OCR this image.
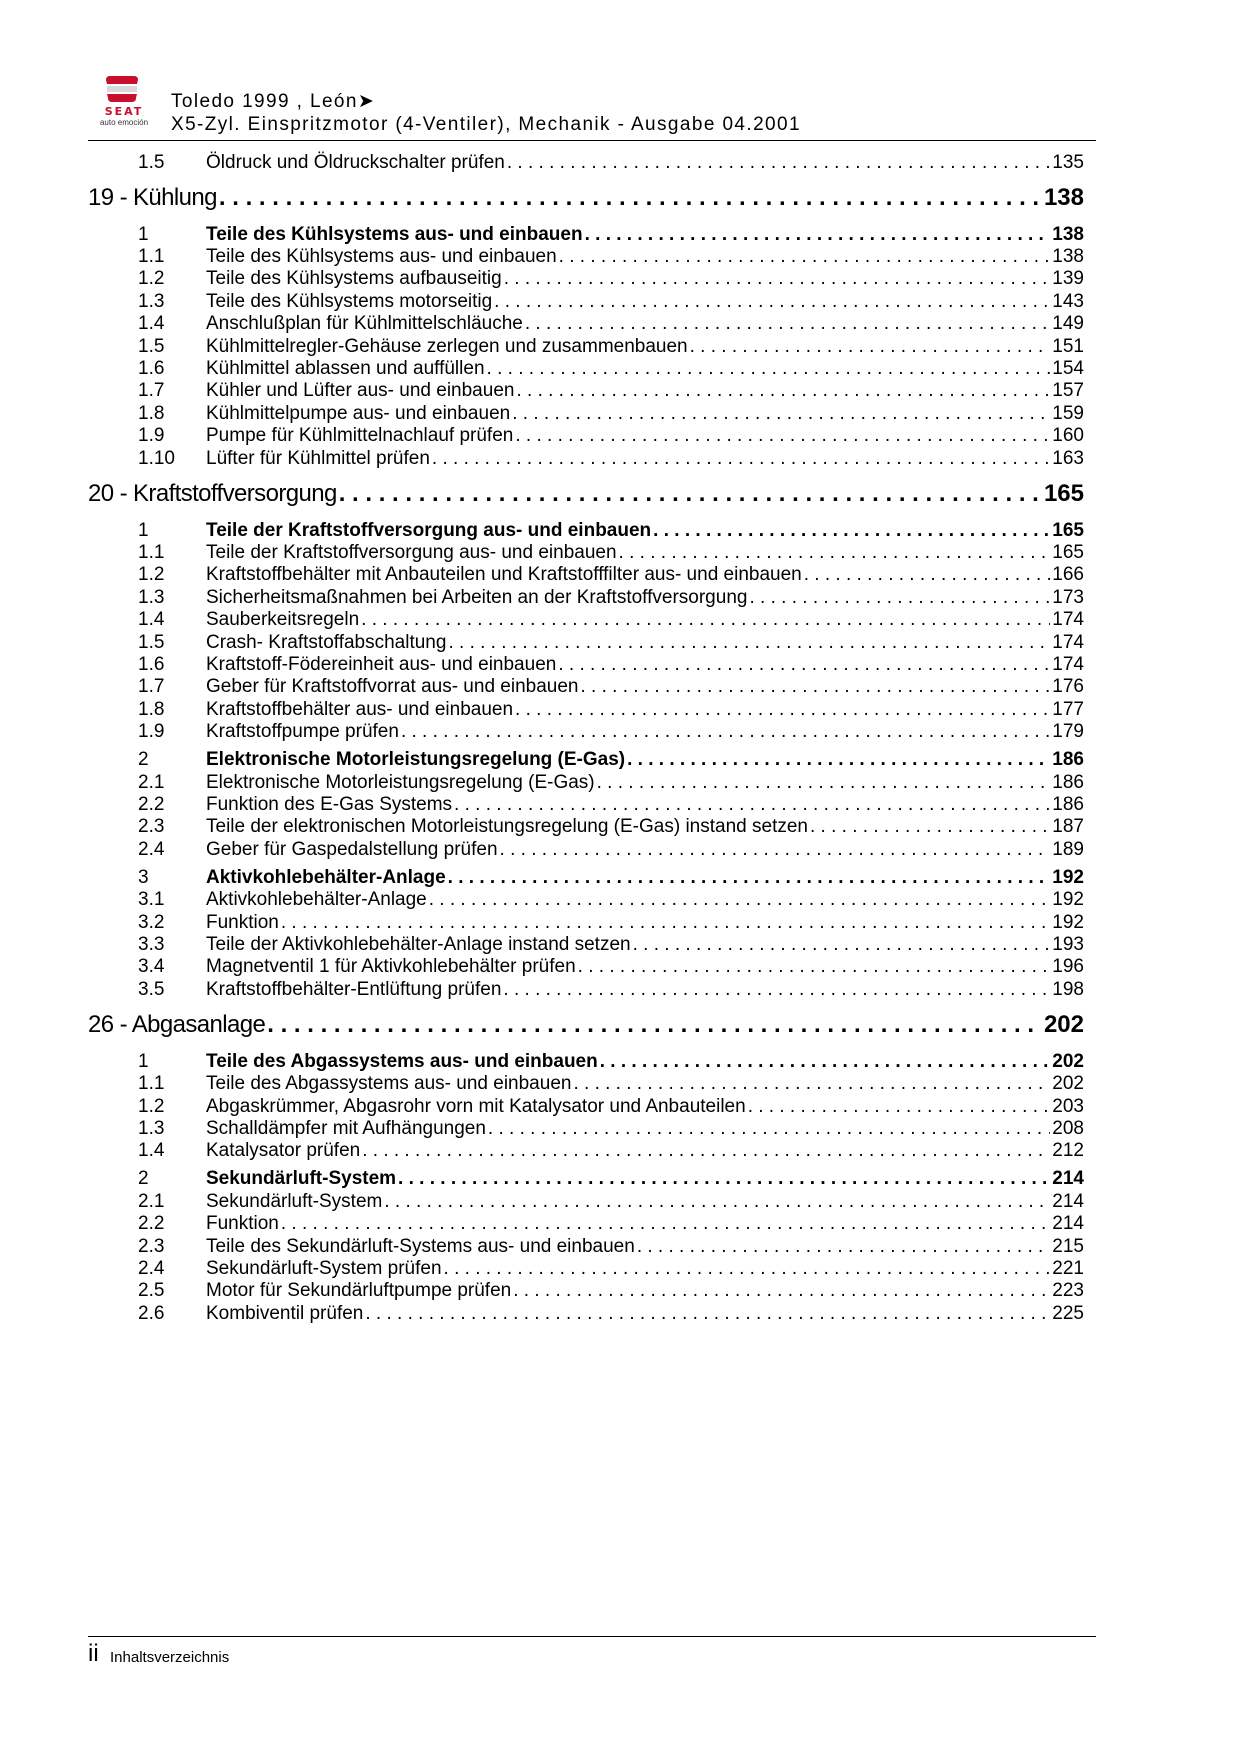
SEAT
auto emoción
Toledo 1999 , León➤
X5-Zyl. Einspritzmotor (4-Ventiler), Mechanik - Ausgabe 04.2001
1.5 Öldruck und Öldruckschalter prüfen . . .	135
19 - Kühlung . . .	138
1	Teile des Kühlsystems aus- und einbauen . . .	138
1.1 Teile des Kühlsystems aus- und einbauen . . .	138
1.2 Teile des Kühlsystems aufbauseitig . . .	139
1.3 Teile des Kühlsystems motorseitig . . .	143
1.4 Anschlußplan für Kühlmittelschläuche . . .	149
1.5 Kühlmittelregler-Gehäuse zerlegen und zusammenbauen . . .	151
1.6 Kühlmittel ablassen und auffüllen . . .	154
1.7 Kühler und Lüfter aus- und einbauen . . .	157
1.8 Kühlmittelpumpe aus- und einbauen . . .	159
1.9 Pumpe für Kühlmittelnachlauf prüfen . . .	160
1.10 Lüfter für Kühlmittel prüfen . . .	163
20 - Kraftstoffversorgung . . .	165
1	Teile der Kraftstoffversorgung aus- und einbauen . . .	165
1.1 Teile der Kraftstoffversorgung aus- und einbauen . . .	165
1.2 Kraftstoffbehälter mit Anbauteilen und Kraftstofffilter aus- und einbauen . . .	166
1.3 Sicherheitsmaßnahmen bei Arbeiten an der Kraftstoffversorgung . . .	173
1.4 Sauberkeitsregeln . . .	174
1.5 Crash- Kraftstoffabschaltung . . .	174
1.6 Kraftstoff-Födereinheit aus- und einbauen . . .	174
1.7 Geber für Kraftstoffvorrat aus- und einbauen . . .	176
1.8 Kraftstoffbehälter aus- und einbauen . . .	177
1.9 Kraftstoffpumpe prüfen . . .	179
2	Elektronische Motorleistungsregelung (E-Gas) . . .	186
2.1 Elektronische Motorleistungsregelung (E-Gas) . . .	186
2.2 Funktion des E-Gas Systems . . .	186
2.3 Teile der elektronischen Motorleistungsregelung (E-Gas) instand setzen . . .	187
2.4 Geber für Gaspedalstellung prüfen . . .	189
3	Aktivkohlebehälter-Anlage . . .	192
3.1 Aktivkohlebehälter-Anlage . . .	192
3.2 Funktion . . .	192
3.3 Teile der Aktivkohlebehälter-Anlage instand setzen . . .	193
3.4 Magnetventil 1 für Aktivkohlebehälter prüfen . . .	196
3.5 Kraftstoffbehälter-Entlüftung prüfen . . .	198
26 - Abgasanlage . . .	202
1	Teile des Abgassystems aus- und einbauen . . .	202
1.1 Teile des Abgassystems aus- und einbauen . . .	202
1.2 Abgaskrümmer, Abgasrohr vorn mit Katalysator und Anbauteilen . . .	203
1.3 Schalldämpfer mit Aufhängungen . . .	208
1.4 Katalysator prüfen . . .	212
2	Sekundärluft-System . . .	214
2.1 Sekundärluft-System . . .	214
2.2 Funktion . . .	214
2.3 Teile des Sekundärluft-Systems aus- und einbauen . . .	215
2.4 Sekundärluft-System prüfen . . .	221
2.5 Motor für Sekundärluftpumpe prüfen . . .	223
2.6 Kombiventil prüfen . . .	225
ii Inhaltsverzeichnis
